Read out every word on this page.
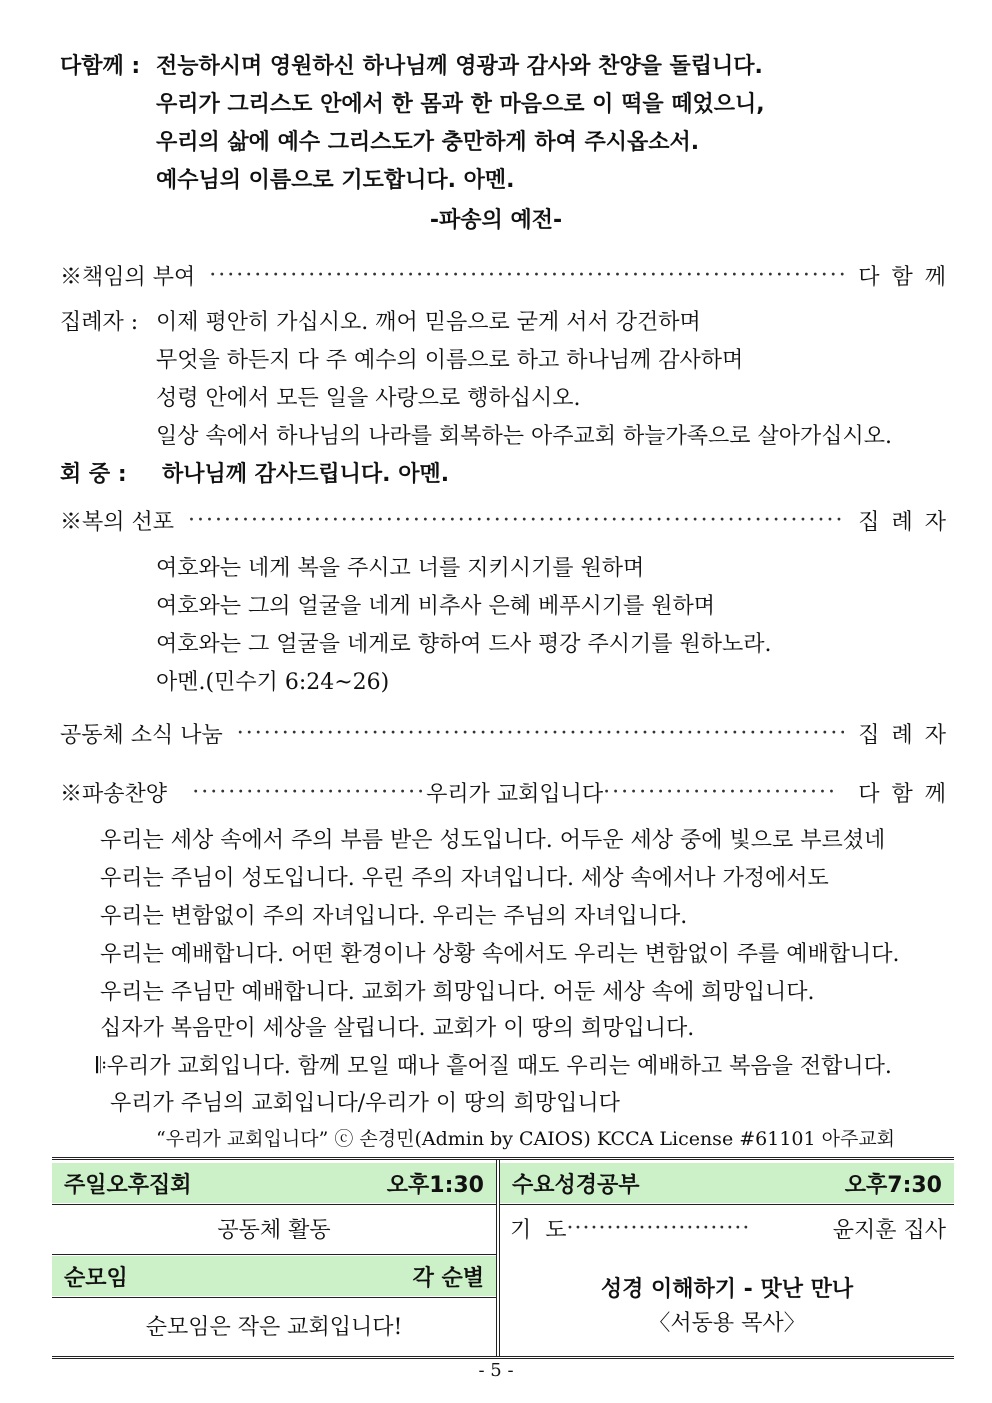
다함께 : 전능하시며 영원하신 하나님께 영광과 감사와 찬양을 돌립니다.
우리가 그리스도 안에서 한 몸과 한 마음으로 이 떡을 떼었으니,
우리의 삶에 예수 그리스도가 충만하게 하여 주시옵소서.
예수님의 이름으로 기도합니다. 아멘.
-파송의 예전-
※책임의 부여 ·····	다함께
집례자 : 이제 평안히 가십시오. 깨어 믿음으로 굳게 서서 강건하며
무엇을 하든지 다 주 예수의 이름으로 하고 하나님께 감사하며
성령 안에서 모든 일을 사랑으로 행하십시오.
일상 속에서 하나님의 나라를 회복하는 아주교회 하늘가족으로 살아가십시오.
회 중 : 하나님께 감사드립니다. 아멘.
※복의 선포 ·····	집례자
여호와는 네게 복을 주시고 너를 지키시기를 원하며
여호와는 그의 얼굴을 네게 비추사 은혜 베푸시기를 원하며
여호와는 그 얼굴을 네게로 향하여 드사 평강 주시기를 원하노라.
아멘.(민수기 6:24~26)
공동체 소식 나눔 ·····	집례자
※파송찬양 ·····	우리가 교회입니다 ·····	다함께
우리는 세상 속에서 주의 부름 받은 성도입니다. 어두운 세상 중에 빛으로 부르셨네
우리는 주님이 성도입니다. 우린 주의 자녀입니다. 세상 속에서나 가정에서도
우리는 변함없이 주의 자녀입니다. 우리는 주님의 자녀입니다.
우리는 예배합니다. 어떤 환경이나 상황 속에서도 우리는 변함없이 주를 예배합니다.
우리는 주님만 예배합니다. 교회가 희망입니다. 어둔 세상 속에 희망입니다.
십자가 복음만이 세상을 살립니다. 교회가 이 땅의 희망입니다.
𝄆우리가 교회입니다. 함께 모일 때나 흩어질 때도 우리는 예배하고 복음을 전합니다.
우리가 주님의 교회입니다/우리가 이 땅의 희망입니다
“우리가 교회입니다” ⓒ 손경민(Admin by CAIOS) KCCA License #61101 아주교회
주일오후집회	오후1:30
공동체 활동
순모임	각 순별
순모임은 작은 교회입니다!
수요성경공부	오후7:30
기  도 ·······················	윤지훈 집사
성경 이해하기 - 맛난 만나
〈서동용 목사〉
- 5 -
